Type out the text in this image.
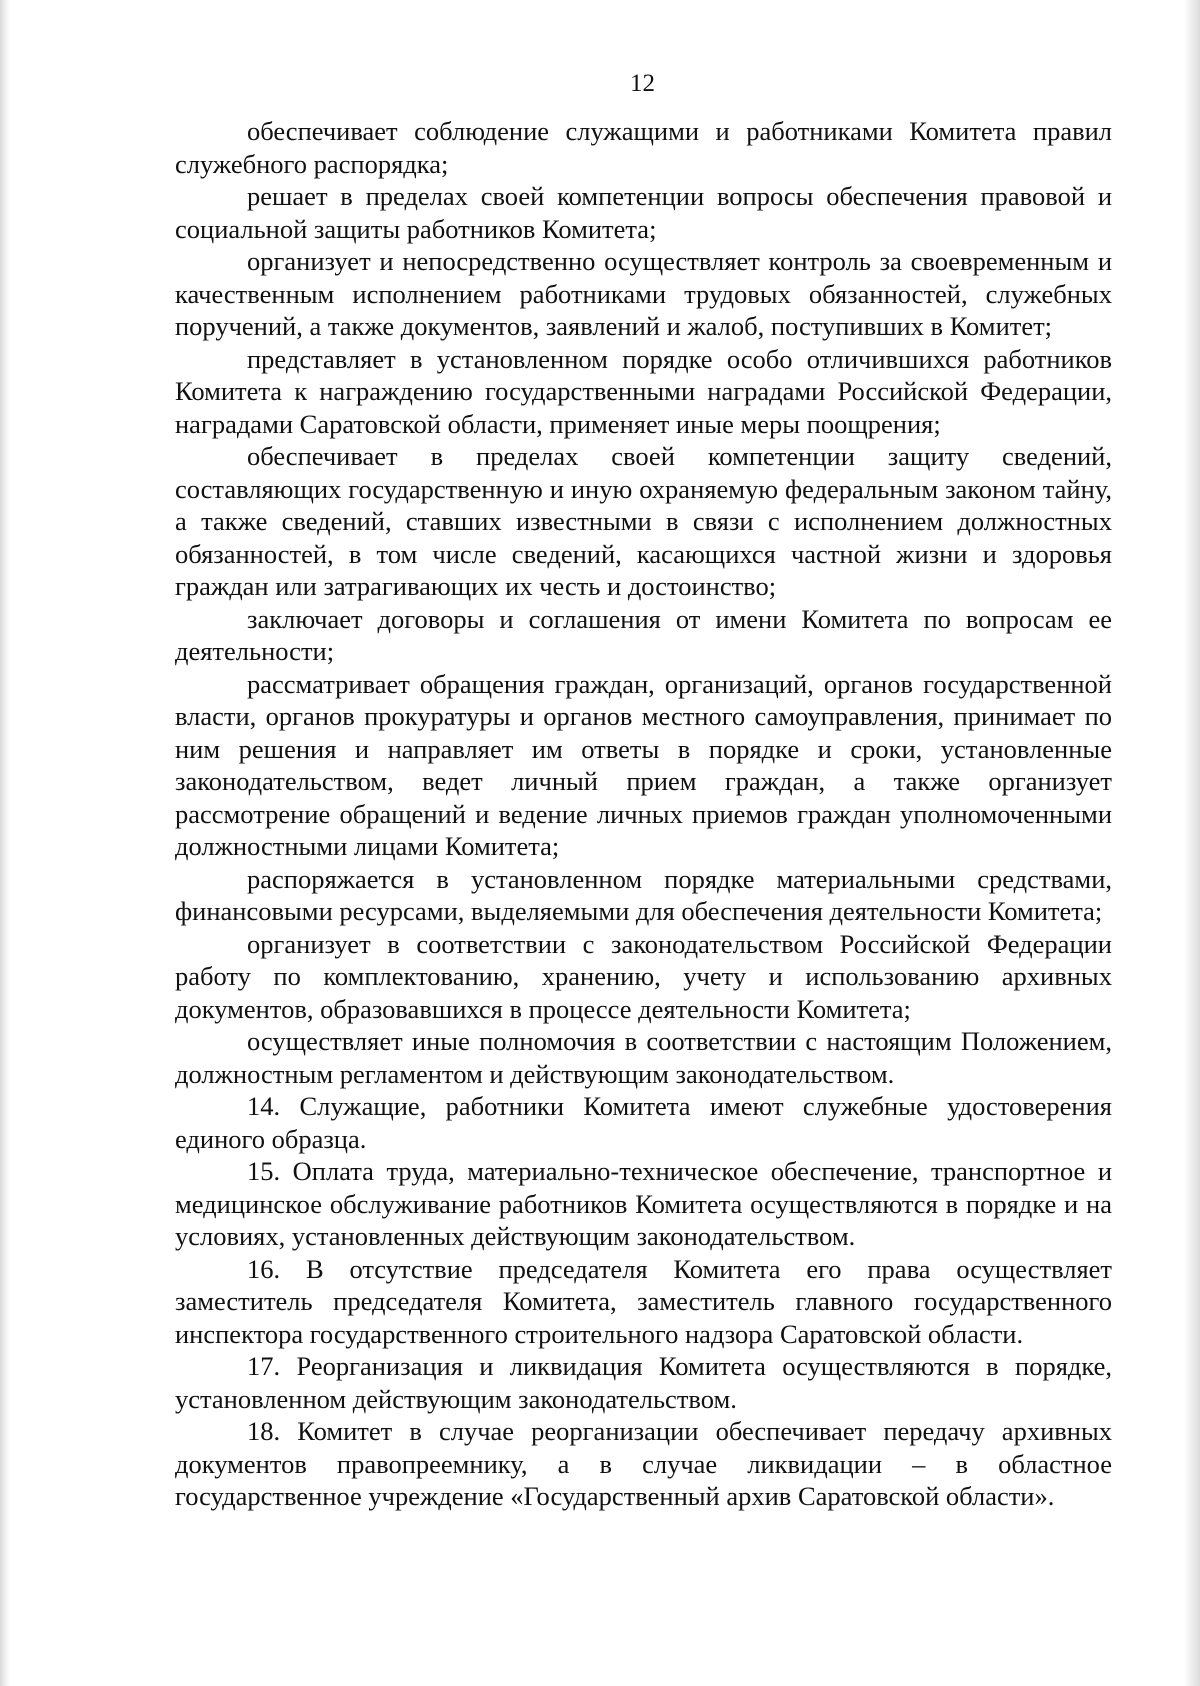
12

обеспечивает соблюдение служащими и работниками Комитета правил служебного распорядка;

решает в пределах своей компетенции вопросы обеспечения правовой и социальной защиты работников Комитета;

организует и непосредственно осуществляет контроль за своевременным и качественным исполнением работниками трудовых обязанностей, служебных поручений, а также документов, заявлений и жалоб, поступивших в Комитет;

представляет в установленном порядке особо отличившихся работников Комитета к награждению государственными наградами Российской Федерации, наградами Саратовской области, применяет иные меры поощрения;

обеспечивает в пределах своей компетенции защиту сведений, составляющих государственную и иную охраняемую федеральным законом тайну, а также сведений, ставших известными в связи с исполнением должностных обязанностей, в том числе сведений, касающихся частной жизни и здоровья граждан или затрагивающих их честь и достоинство;

заключает договоры и соглашения от имени Комитета по вопросам ее деятельности;

рассматривает обращения граждан, организаций, органов государственной власти, органов прокуратуры и органов местного самоуправления, принимает по ним решения и направляет им ответы в порядке и сроки, установленные законодательством, ведет личный прием граждан, а также организует рассмотрение обращений и ведение личных приемов граждан уполномоченными должностными лицами Комитета;

распоряжается в установленном порядке материальными средствами, финансовыми ресурсами, выделяемыми для обеспечения деятельности Комитета;

организует в соответствии с законодательством Российской Федерации работу по комплектованию, хранению, учету и использованию архивных документов, образовавшихся в процессе деятельности Комитета;

осуществляет иные полномочия в соответствии с настоящим Положением, должностным регламентом и действующим законодательством.

14. Служащие, работники Комитета имеют служебные удостоверения единого образца.

15. Оплата труда, материально-техническое обеспечение, транспортное и медицинское обслуживание работников Комитета осуществляются в порядке и на условиях, установленных действующим законодательством.

16. В отсутствие председателя Комитета его права осуществляет заместитель председателя Комитета, заместитель главного государственного инспектора государственного строительного надзора Саратовской области.

17. Реорганизация и ликвидация Комитета осуществляются в порядке, установленном действующим законодательством.

18. Комитет в случае реорганизации обеспечивает передачу архивных документов правопреемнику, а в случае ликвидации – в областное государственное учреждение «Государственный архив Саратовской области».
